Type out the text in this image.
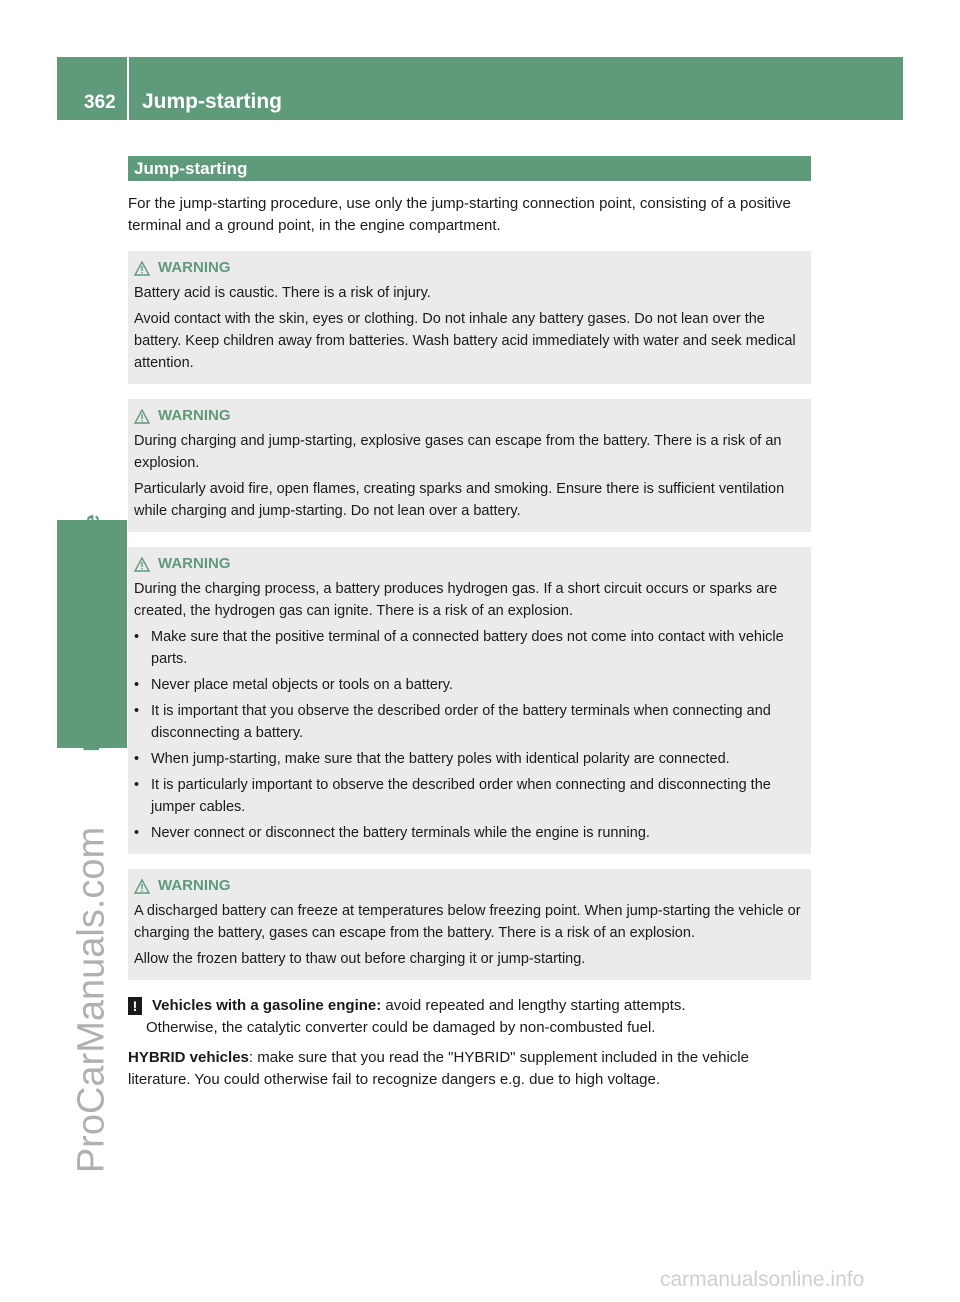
362 Jump-starting
Breakdown assistance
ProCarManuals.com
carmanualsonline.info
Jump-starting
For the jump-starting procedure, use only the jump-starting connection point, consisting of a positive terminal and a ground point, in the engine compartment.
WARNING

Battery acid is caustic. There is a risk of injury.

Avoid contact with the skin, eyes or clothing. Do not inhale any battery gases. Do not lean over the battery. Keep children away from batteries. Wash battery acid immediately with water and seek medical attention.

WARNING

During charging and jump-starting, explosive gases can escape from the battery. There is a risk of an explosion.

Particularly avoid fire, open flames, creating sparks and smoking. Ensure there is sufficient ventilation while charging and jump-starting. Do not lean over a battery.

WARNING

During the charging process, a battery produces hydrogen gas. If a short circuit occurs or sparks are created, the hydrogen gas can ignite. There is a risk of an explosion.

• Make sure that the positive terminal of a connected battery does not come into contact with vehicle parts.
• Never place metal objects or tools on a battery.
• It is important that you observe the described order of the battery terminals when connecting and disconnecting a battery.
• When jump-starting, make sure that the battery poles with identical polarity are connected.
• It is particularly important to observe the described order when connecting and disconnecting the jumper cables.
• Never connect or disconnect the battery terminals while the engine is running.
WARNING

A discharged battery can freeze at temperatures below freezing point. When jump-starting the vehicle or charging the battery, gases can escape from the battery. There is a risk of an explosion.

Allow the frozen battery to thaw out before charging it or jump-starting.

! Vehicles with a gasoline engine: avoid repeated and lengthy starting attempts.
Otherwise, the catalytic converter could be damaged by non-combusted fuel.
HYBRID vehicles: make sure that you read the "HYBRID" supplement included in the vehicle literature. You could otherwise fail to recognize dangers e.g. due to high voltage.
